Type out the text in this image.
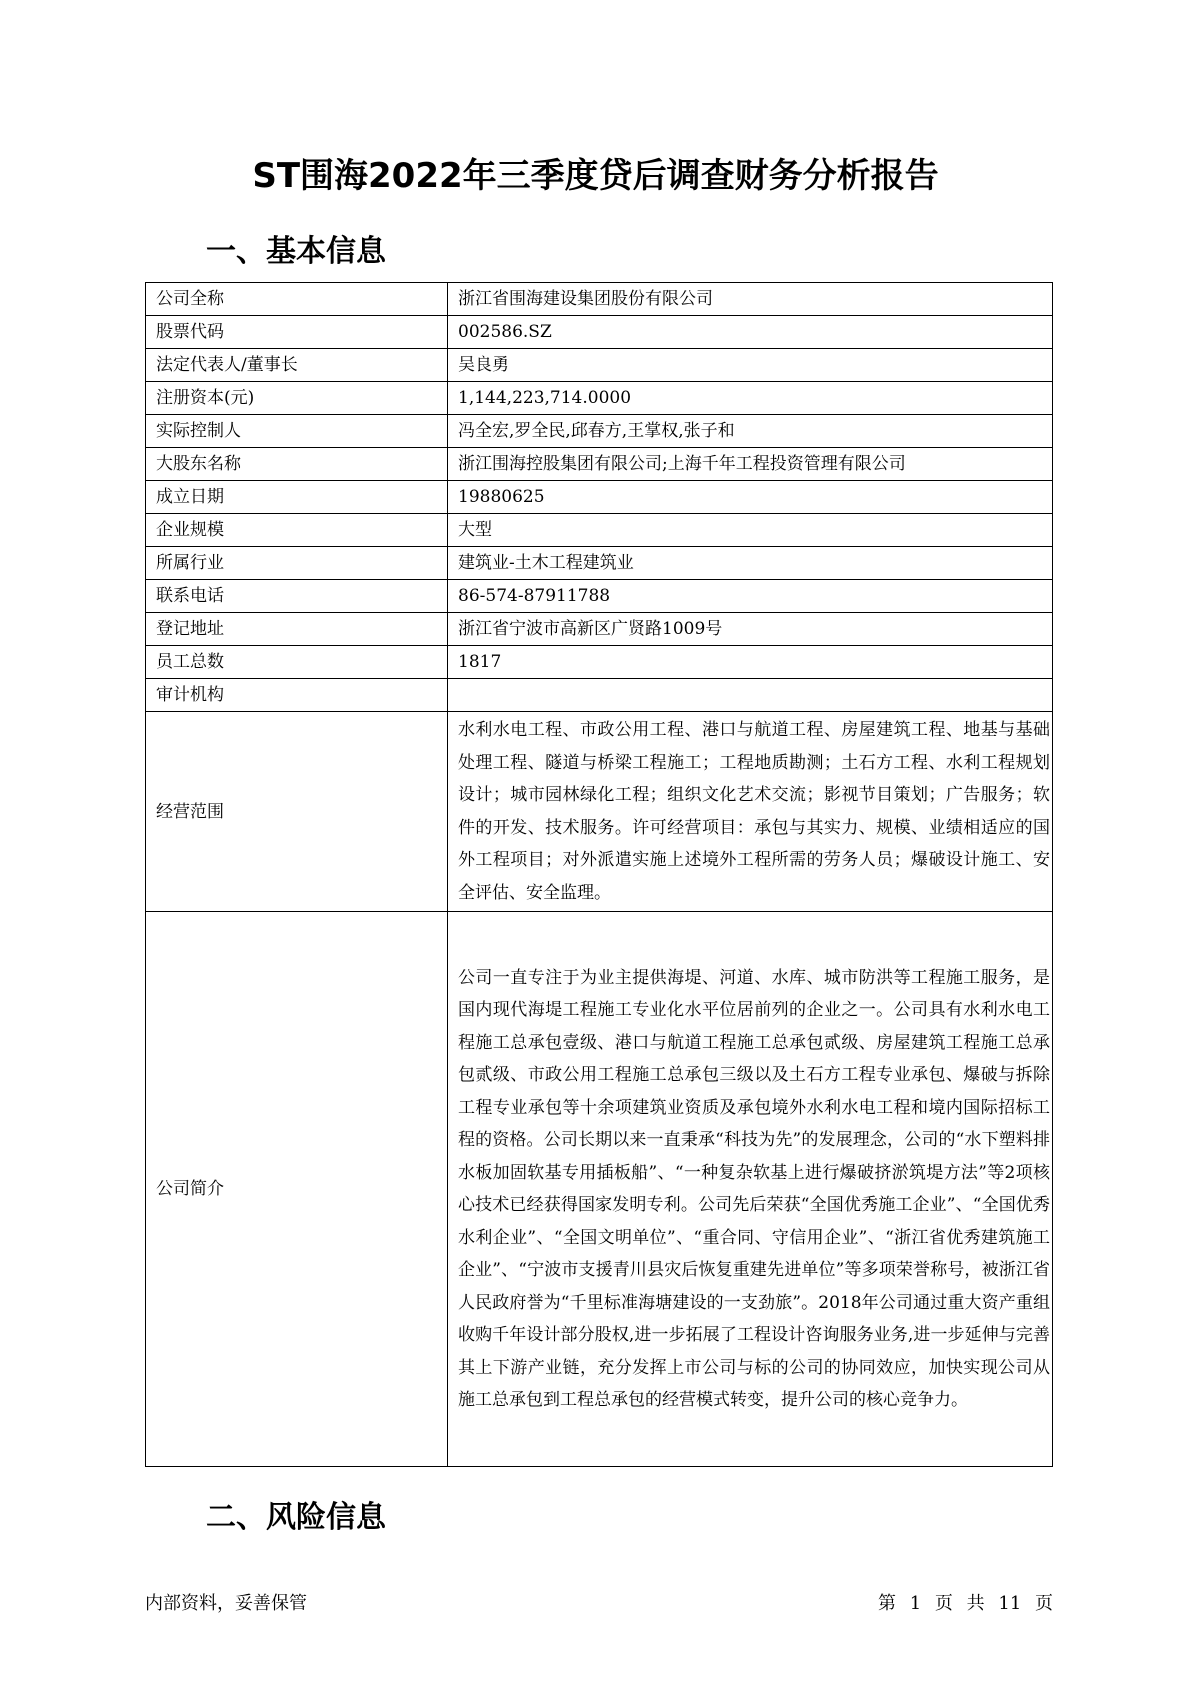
ST围海2022年三季度贷后调查财务分析报告
一、基本信息
公司全称	浙江省围海建设集团股份有限公司
股票代码	002586.SZ
法定代表人/董事长	吴良勇
注册资本(元)	1,144,223,714.0000
实际控制人	冯全宏,罗全民,邱春方,王掌权,张子和
大股东名称	浙江围海控股集团有限公司;上海千年工程投资管理有限公司
成立日期	19880625
企业规模	大型
所属行业	建筑业-土木工程建筑业
联系电话	86-574-87911788
登记地址	浙江省宁波市高新区广贤路1009号
员工总数	1817
审计机构	
经营范围	水利水电工程、市政公用工程、港口与航道工程、房屋建筑工程、地基与基础处理工程、隧道与桥梁工程施工；工程地质勘测；土石方工程、水利工程规划设计；城市园林绿化工程；组织文化艺术交流；影视节目策划；广告服务；软件的开发、技术服务。许可经营项目：承包与其实力、规模、业绩相适应的国外工程项目；对外派遣实施上述境外工程所需的劳务人员；爆破设计施工、安全评估、安全监理。
公司简介	公司一直专注于为业主提供海堤、河道、水库、城市防洪等工程施工服务，是国内现代海堤工程施工专业化水平位居前列的企业之一。公司具有水利水电工程施工总承包壹级、港口与航道工程施工总承包贰级、房屋建筑工程施工总承包贰级、市政公用工程施工总承包三级以及土石方工程专业承包、爆破与拆除工程专业承包等十余项建筑业资质及承包境外水利水电工程和境内国际招标工程的资格。公司长期以来一直秉承“科技为先”的发展理念，公司的“水下塑料排水板加固软基专用插板船”、“一种复杂软基上进行爆破挤淤筑堤方法”等2项核心技术已经获得国家发明专利。公司先后荣获“全国优秀施工企业”、“全国优秀水利企业”、“全国文明单位”、“重合同、守信用企业”、“浙江省优秀建筑施工企业”、“宁波市支援青川县灾后恢复重建先进单位”等多项荣誉称号，被浙江省人民政府誉为“千里标准海塘建设的一支劲旅”。2018年公司通过重大资产重组收购千年设计部分股权,进一步拓展了工程设计咨询服务业务,进一步延伸与完善其上下游产业链，充分发挥上市公司与标的公司的协同效应，加快实现公司从施工总承包到工程总承包的经营模式转变，提升公司的核心竞争力。
二、风险信息
内部资料，妥善保管	第 1 页 共 11 页
